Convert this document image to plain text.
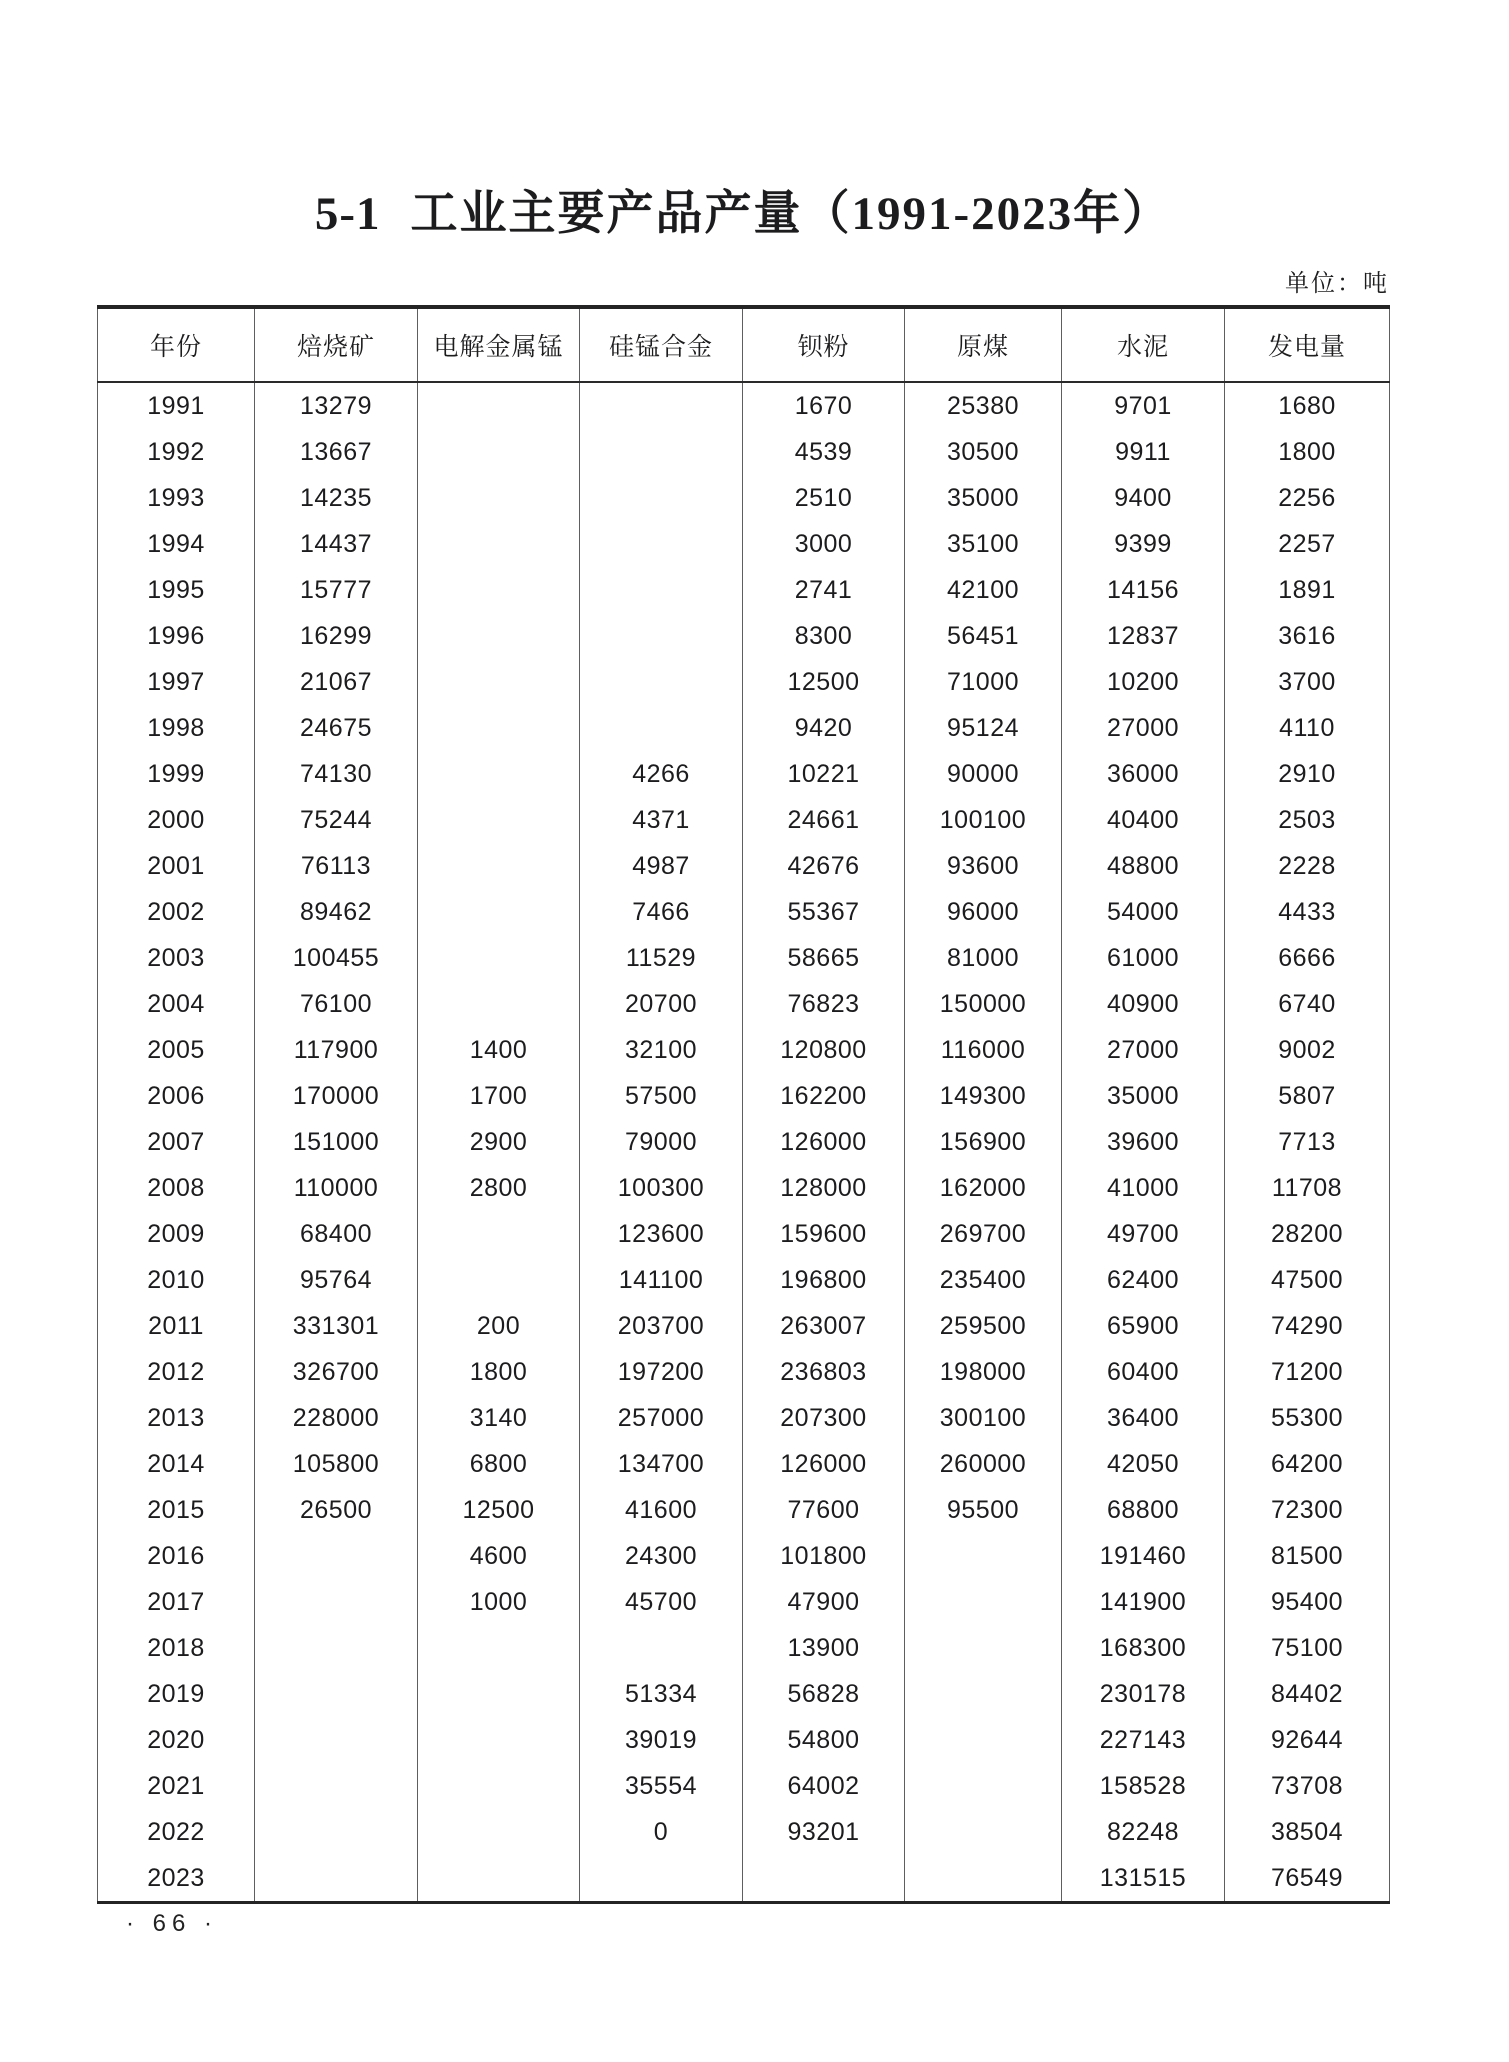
5-1 工业主要产品产量（1991-2023年）
单位：吨
年份	焙烧矿	电解金属锰	硅锰合金	钡粉	原煤	水泥	发电量
1991	13279			1670	25380	9701	1680
1992	13667			4539	30500	9911	1800
1993	14235			2510	35000	9400	2256
1994	14437			3000	35100	9399	2257
1995	15777			2741	42100	14156	1891
1996	16299			8300	56451	12837	3616
1997	21067			12500	71000	10200	3700
1998	24675			9420	95124	27000	4110
1999	74130		4266	10221	90000	36000	2910
2000	75244		4371	24661	100100	40400	2503
2001	76113		4987	42676	93600	48800	2228
2002	89462		7466	55367	96000	54000	4433
2003	100455		11529	58665	81000	61000	6666
2004	76100		20700	76823	150000	40900	6740
2005	117900	1400	32100	120800	116000	27000	9002
2006	170000	1700	57500	162200	149300	35000	5807
2007	151000	2900	79000	126000	156900	39600	7713
2008	110000	2800	100300	128000	162000	41000	11708
2009	68400		123600	159600	269700	49700	28200
2010	95764		141100	196800	235400	62400	47500
2011	331301	200	203700	263007	259500	65900	74290
2012	326700	1800	197200	236803	198000	60400	71200
2013	228000	3140	257000	207300	300100	36400	55300
2014	105800	6800	134700	126000	260000	42050	64200
2015	26500	12500	41600	77600	95500	68800	72300
2016		4600	24300	101800		191460	81500
2017		1000	45700	47900		141900	95400
2018				13900		168300	75100
2019			51334	56828		230178	84402
2020			39019	54800		227143	92644
2021			35554	64002		158528	73708
2022			0	93201		82248	38504
2023						131515	76549
· 66 ·
